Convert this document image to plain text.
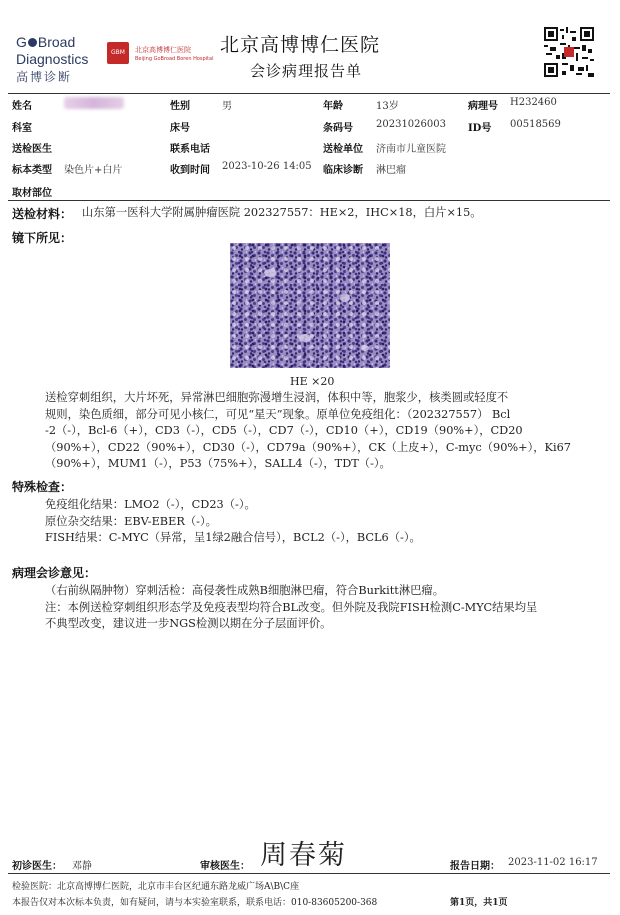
G Broad
Diagnostics
高博诊断
GBM	北京高博博仁医院
Beijing GoBroad Boren Hospital
北京高博博仁医院
会诊病理报告单
姓名	性别	男	年龄	13岁	病理号 H232460
科室	床号	条码号 20231026003 ID号 00518569
送检医生	联系电话	送检单位 济南市儿童医院
标本类型 染色片+白片	收到时间 2023-10-26 14:05 临床诊断 淋巴瘤
取材部位
送检材料： 山东第一医科大学附属肿瘤医院 202327557：HE×2，IHC×18，白片×15。
镜下所见：
HE ×20
送检穿刺组织，大片坏死，异常淋巴细胞弥漫增生浸润，体积中等，胞浆少，核类圆或轻度不
规则，染色质细，部分可见小核仁，可见“星天”现象。原单位免疫组化：（202327557） Bcl
-2（-），Bcl-6（+），CD3（-），CD5（-），CD7（-），CD10（+），CD19（90%+），CD20
（90%+），CD22（90%+），CD30（-），CD79a（90%+），CK（上皮+），C-myc（90%+），Ki67
（90%+），MUM1（-），P53（75%+），SALL4（-），TDT（-）。
特殊检查：
免疫组化结果：LMO2（-），CD23（-）。
原位杂交结果：EBV-EBER（-）。
FISH结果：C-MYC（异常，呈1绿2融合信号），BCL2（-），BCL6（-）。
病理会诊意见：
（右前纵隔肿物）穿刺活检：高侵袭性成熟B细胞淋巴瘤，符合Burkitt淋巴瘤。
注：本例送检穿刺组织形态学及免疫表型均符合BL改变。但外院及我院FISH检测C-MYC结果均呈
不典型改变，建议进一步NGS检测以期在分子层面评价。
初诊医生： 邓静	审核医生： 周春菊	报告日期： 2023-11-02 16:17
检验医院：北京高博博仁医院，北京市丰台区纪通东路龙威广场A\B\C座
本报告仅对本次标本负责，如有疑问，请与本实验室联系，联系电话：010-83605200-368	第1页，共1页
